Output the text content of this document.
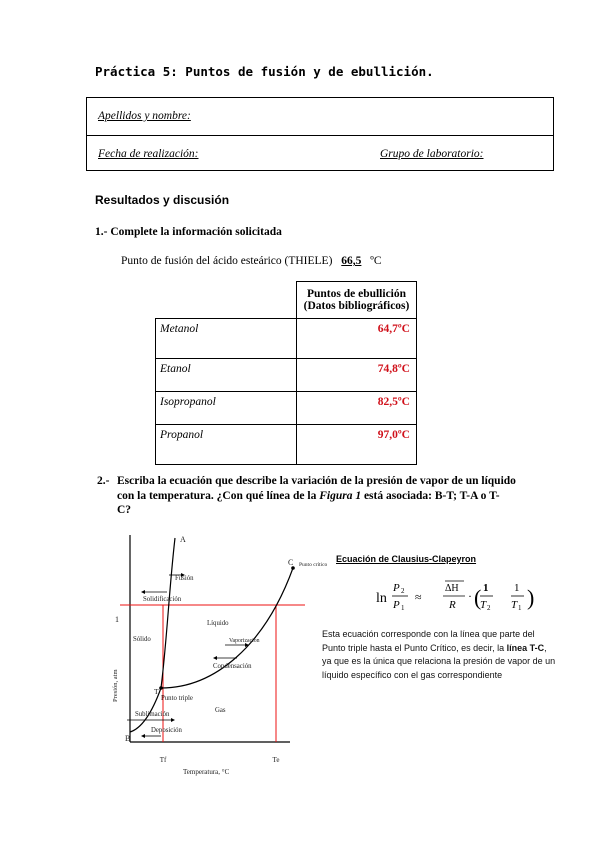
Práctica 5: Puntos de fusión y de ebullición.
Apellidos y nombre:
Fecha de realización:	Grupo de laboratorio:
Resultados y discusión
1.- Complete la información solicitada
Punto de fusión del ácido esteárico (THIELE) 66,5 ºC
	Puntos de ebullición
(Datos bibliográficos)
Metanol	64,7ºC
Etanol	74,8ºC
Isopropanol	82,5ºC
Propanol	97,0ºC
2.- Escriba la ecuación que describe la variación de la presión de vapor de un líquido
con la temperatura. ¿Con qué línea de la Figura 1 está asociada: B-T; T-A o T-
C?
A
C Punto crítico
Fusión
Solidificación
Líquido
Sólido	Vaporización
Condensación
T
Punto triple
Gas
Sublimación
Deposición
B
1
Presión, atm
Tf	Te
Temperatura, °C
Ecuación de Clausius-Clapeyron
ln
P 2
P 1
≈
ΔH
R
· ( 1
T 2
1
T 1 )
Esta ecuación corresponde con la línea que parte del Punto triple hasta el Punto Crítico, es decir, la línea T-C, ya que es la única que relaciona la presión de vapor de un líquido específico con el gas correspondiente
